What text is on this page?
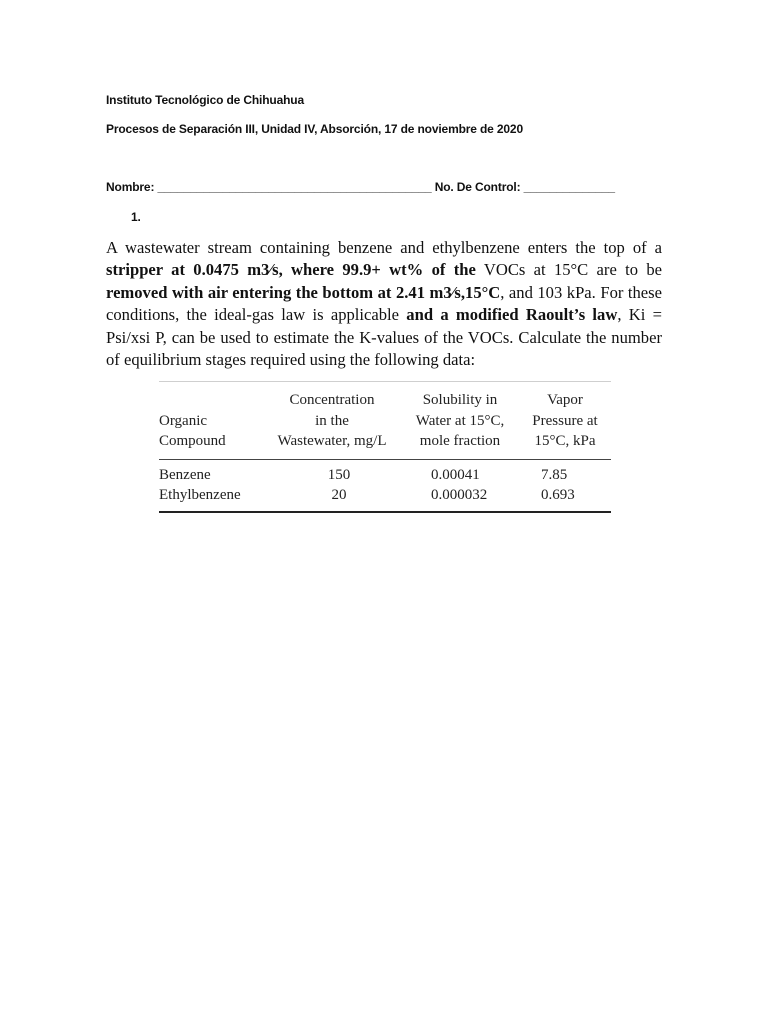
Instituto Tecnológico de Chihuahua
Procesos de Separación III, Unidad IV, Absorción, 17 de noviembre de 2020
Nombre: __________________________________________ No. De Control: ______________
1.
A wastewater stream containing benzene and ethylbenzene enters the top of a stripper at 0.0475 m3⁄s, where 99.9+ wt% of the VOCs at 15°C are to be removed with air entering the bottom at 2.41 m3⁄s,15°C, and 103 kPa. For these conditions, the ideal-gas law is applicable and a modified Raoult’s law, Ki = Psi/xsi P, can be used to estimate the K-values of the VOCs. Calculate the number of equilibrium stages required using the following data:
Organic
Compound	Concentration
in the
Wastewater, mg/L	Solubility in
Water at 15°C,
mole fraction	Vapor
Pressure at
15°C, kPa
Benzene	150	0.00041	7.85
Ethylbenzene	20	0.000032	0.693
